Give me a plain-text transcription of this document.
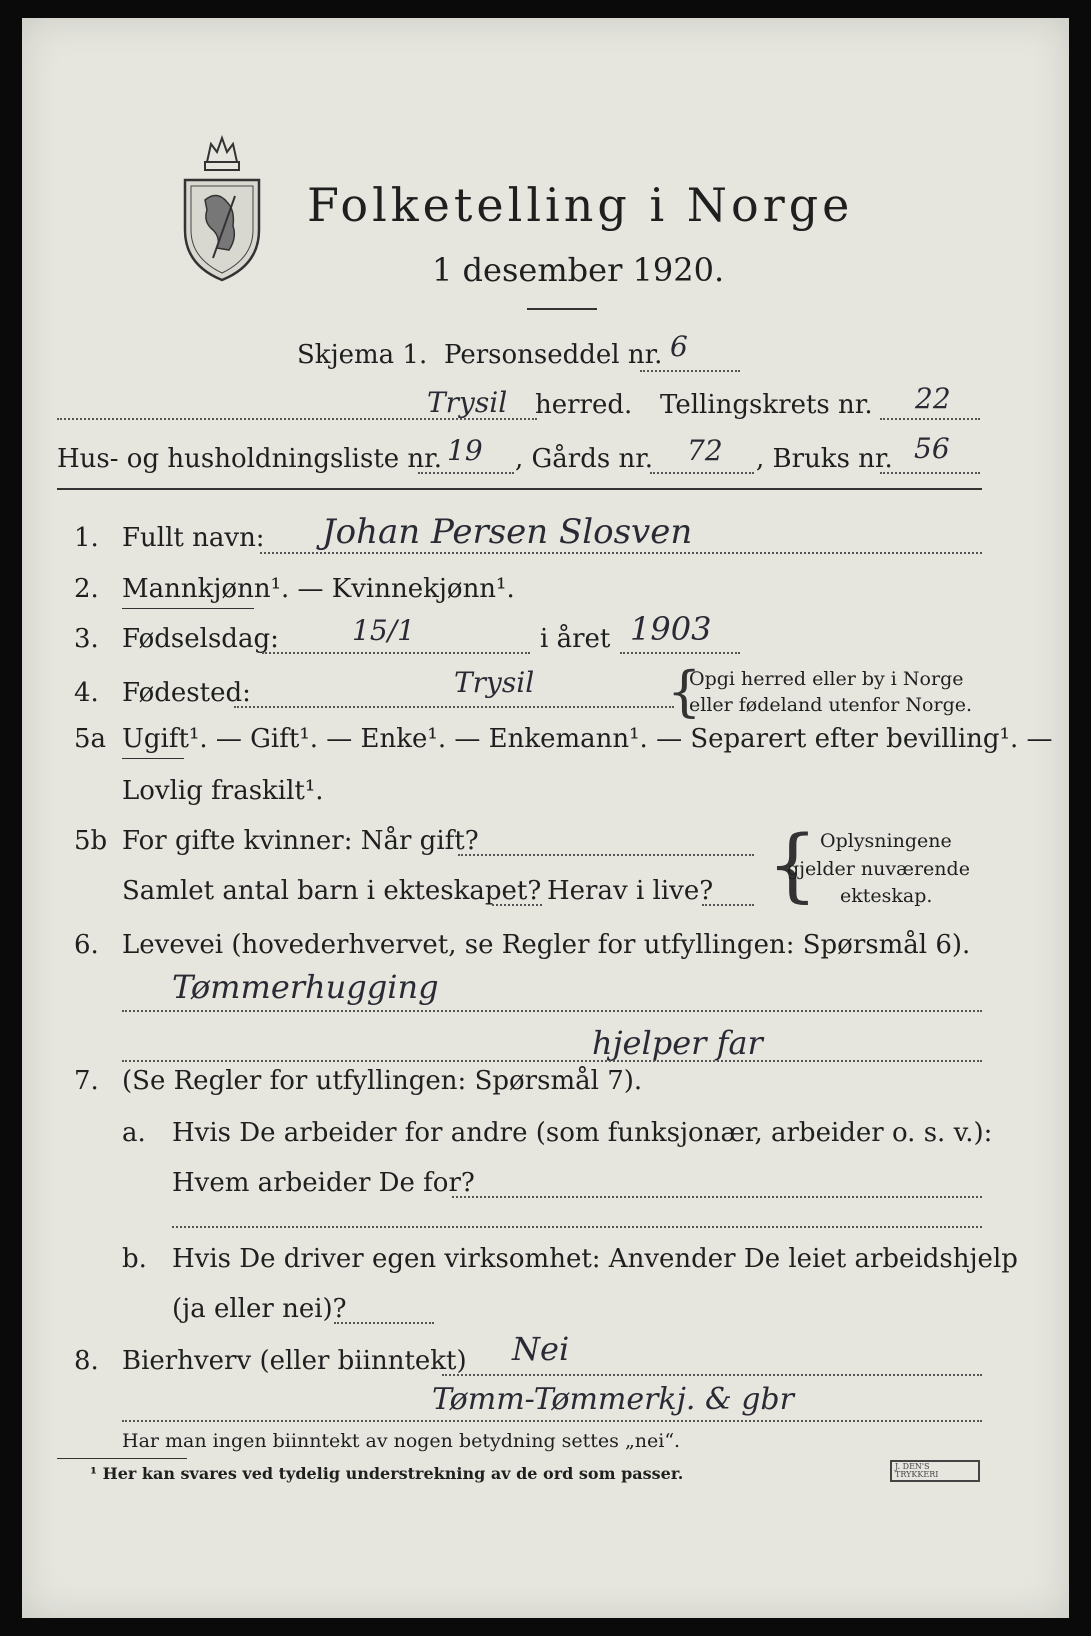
Folketelling i Norge
1 desember 1920.
Skjema 1. Personseddel nr. 6
Trysil herred. Tellingskrets nr. 22
Hus- og husholdningsliste nr. 19 , Gårds nr. 72 , Bruks nr. 56
1. Fullt navn: Johan Persen Slosven
2. Mannkjønn¹. — Kvinnekjønn¹.
3. Fødselsdag:	15/1	i året 1903
4. Fødested:	Trysil {
Opgi herred eller by i Norge
eller fødeland utenfor Norge.
5a Ugift¹. — Gift¹. — Enke¹. — Enkemann¹. — Separert efter bevilling¹. —
Lovlig fraskilt¹.
5b For gifte kvinner: Når gift?
Samlet antal barn i ekteskapet? Herav i live? { Oplysningene
gjelder nuværende
ekteskap.
6. Levevei (hovederhvervet, se Regler for utfyllingen: Spørsmål 6).
Tømmerhugging
hjelper far
7. (Se Regler for utfyllingen: Spørsmål 7).
a. Hvis De arbeider for andre (som funksjonær, arbeider o. s. v.):
Hvem arbeider De for?
b. Hvis De driver egen virksomhet: Anvender De leiet arbeidshjelp
(ja eller nei)?
8. Bierhverv (eller biinntekt) Nei
Tømm-Tømmerkj. & gbr
Har man ingen biinntekt av nogen betydning settes „nei“.
¹ Her kan svares ved tydelig understrekning av de ord som passer.	J. DEN'S TRYKKERI
